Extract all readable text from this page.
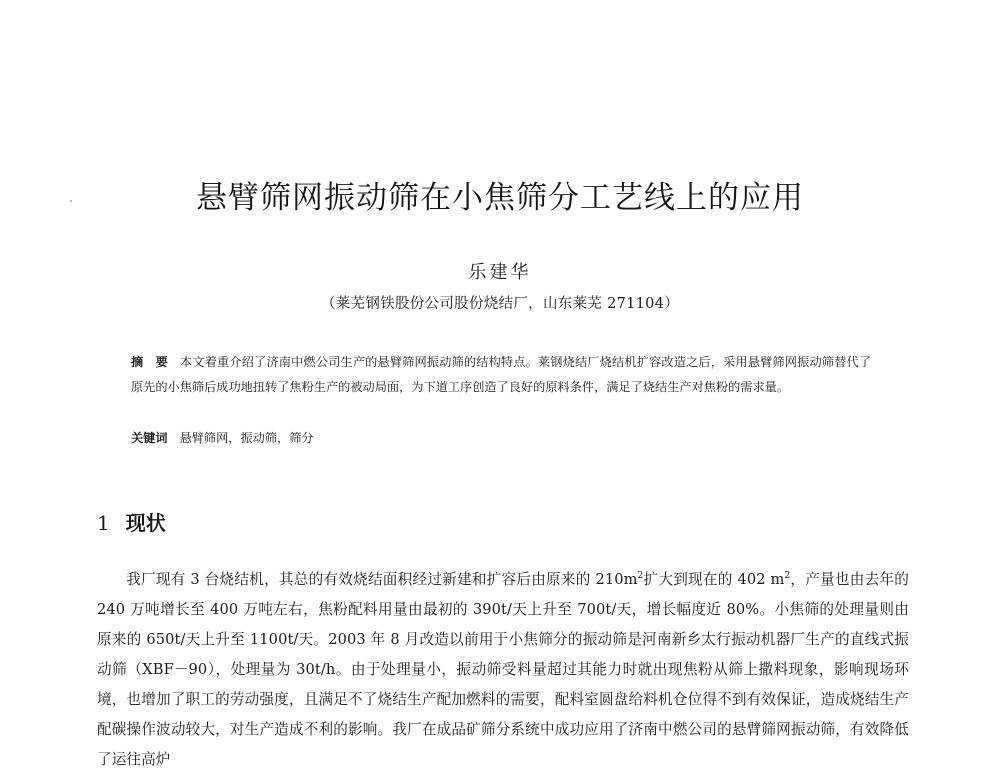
悬臂筛网振动筛在小焦筛分工艺线上的应用
乐建华
（莱芜钢铁股份公司股份烧结厂，山东莱芜 271104）
摘　要 本文着重介绍了济南中燃公司生产的悬臂筛网振动筛的结构特点。莱钢烧结厂烧结机扩容改造之后，采用悬臂筛网振动筛替代了原先的小焦筛后成功地扭转了焦粉生产的被动局面，为下道工序创造了良好的原料条件，满足了烧结生产对焦粉的需求量。
关键词 悬臂筛网，振动筛，筛分
1 现状
我厂现有 3 台烧结机，其总的有效烧结面积经过新建和扩容后由原来的 $210m^2$扩大到现在的 402 $m^2$，产量也由去年的 240 万吨增长至 400 万吨左右，焦粉配料用量由最初的 390t/天上升至 700t/天，增长幅度近 80%。小焦筛的处理量则由原来的 650t/天上升至 1100t/天。2003 年 8 月改造以前用于小焦筛分的振动筛是河南新乡太行振动机器厂生产的直线式振动筛（XBF－90），处理量为 30t/h。由于处理量小，振动筛受料量超过其能力时就出现焦粉从筛上撒料现象，影响现场环境，也增加了职工的劳动强度，且满足不了烧结生产配加燃料的需要，配料室圆盘给料机仓位得不到有效保证，造成烧结生产配碳操作波动较大，对生产造成不利的影响。我厂在成品矿筛分系统中成功应用了济南中燃公司的悬臂筛网振动筛，有效降低了运往高炉
